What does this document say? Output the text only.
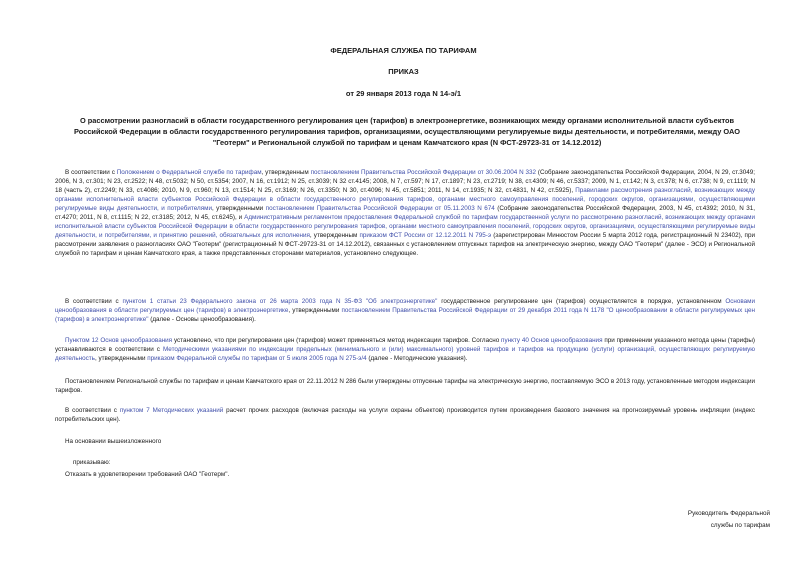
ФЕДЕРАЛЬНАЯ СЛУЖБА ПО ТАРИФАМ
ПРИКАЗ
от 29 января 2013 года N 14-э/1
О рассмотрении разногласий в области государственного регулирования цен (тарифов) в электроэнергетике, возникающих между органами исполнительной власти субъектов Российской Федерации в области государственного регулирования тарифов, организациями, осуществляющими регулируемые виды деятельности, и потребителями, между ОАО "Геотерм" и Региональной службой по тарифам и ценам Камчатского края (N ФСТ-29723-31 от 14.12.2012)
В соответствии с Положением о Федеральной службе по тарифам, утвержденным постановлением Правительства Российской Федерации от 30.06.2004 N 332 (Собрание законодательства Российской Федерации, 2004, N 29, ст.3049; 2006, N 3, ст.301; N 23, ст.2522; N 48, ст.5032; N 50, ст.5354; 2007, N 16, ст.1912; N 25, ст.3039; N 32 ст.4145; 2008, N 7, ст.597; N 17, ст.1897; N 23, ст.2719; N 38, ст.4309; N 46, ст.5337; 2009, N 1, ст.142; N 3, ст.378; N 6, ст.738; N 9, ст.1119; N 18 (часть 2), ст.2249; N 33, ст.4086; 2010, N 9, ст.960; N 13, ст.1514; N 25, ст.3169; N 26, ст.3350; N 30, ст.4096; N 45, ст.5851; 2011, N 14, ст.1935; N 32, ст.4831, N 42, ст.5925), Правилами рассмотрения разногласий, возникающих между органами исполнительной власти субъектов Российской Федерации в области государственного регулирования тарифов, органами местного самоуправления поселений, городских округов, организациями, осуществляющими регулируемые виды деятельности, и потребителями, утвержденными постановлением Правительства Российской Федерации от 05.11.2003 N 674 (Собрание законодательства Российской Федерации, 2003, N 45, ст.4392; 2010, N 31, ст.4270; 2011, N 8, ст.1115; N 22, ст.3185; 2012, N 45, ст.6245), и Административным регламентом предоставления Федеральной службой по тарифам государственной услуги по рассмотрению разногласий, возникающих между органами исполнительной власти субъектов Российской Федерации в области государственного регулирования тарифов, органами местного самоуправления поселений, городских округов, организациями, осуществляющими регулируемые виды деятельности, и потребителями, и принятию решений, обязательных для исполнения, утвержденным приказом ФСТ России от 12.12.2011 N 795-э (зарегистрирован Минюстом России 5 марта 2012 года, регистрационный N 23402), при рассмотрении заявления о разногласиях ОАО "Геотерм" (регистрационный N ФСТ-29723-31 от 14.12.2012), связанных с установлением отпускных тарифов на электрическую энергию, между ОАО "Геотерм" (далее - ЭСО) и Региональной службой по тарифам и ценам Камчатского края, а также представленных сторонами материалов, установлено следующее.
В соответствии с пунктом 1 статьи 23 Федерального закона от 26 марта 2003 года N 35-ФЗ "Об электроэнергетике" государственное регулирование цен (тарифов) осуществляется в порядке, установленном Основами ценообразования в области регулируемых цен (тарифов) в электроэнергетике, утвержденными постановлением Правительства Российской Федерации от 29 декабря 2011 года N 1178 "О ценообразовании в области регулируемых цен (тарифов) в электроэнергетике" (далее - Основы ценообразования).
Пунктом 12 Основ ценообразования установлено, что при регулировании цен (тарифов) может применяться метод индексации тарифов. Согласно пункту 40 Основ ценообразования при применении указанного метода цены (тарифы) устанавливаются в соответствии с Методическими указаниями по индексации предельных (минимального и (или) максимального) уровней тарифов и тарифов на продукцию (услуги) организаций, осуществляющих регулируемую деятельность, утвержденными приказом Федеральной службы по тарифам от 5 июля 2005 года N 275-э/4 (далее - Методические указания).
Постановлением Региональной службы по тарифам и ценам Камчатского края от 22.11.2012 N 286 были утверждены отпускные тарифы на электрическую энергию, поставляемую ЭСО в 2013 году, установленные методом индексации тарифов.
В соответствии с пунктом 7 Методических указаний расчет прочих расходов (включая расходы на услуги охраны объектов) производится путем произведения базового значения на прогнозируемый уровень инфляции (индекс потребительских цен).
На основании вышеизложенного
приказываю:
Отказать в удовлетворении требований ОАО "Геотерм".
Руководитель Федеральной
службы по тарифам
